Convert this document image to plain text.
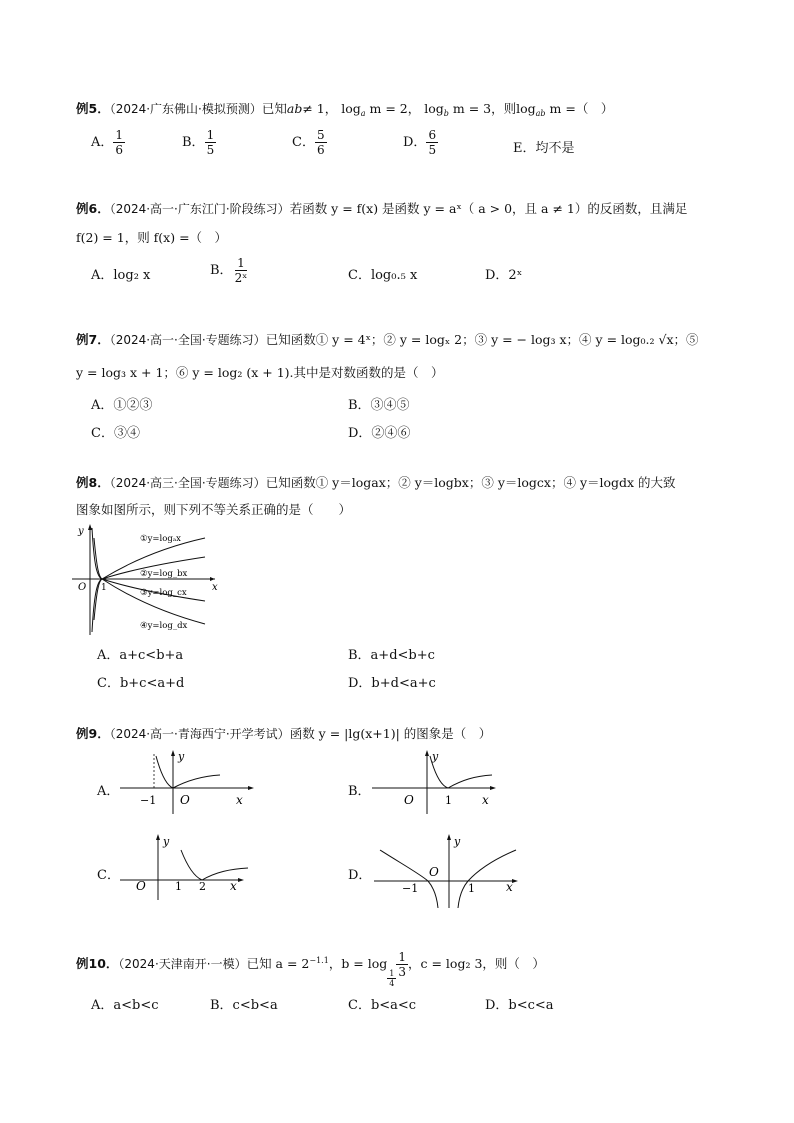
例5．（2024·广东佛山·模拟预测）已知ab≠ 1， $\log_a m = 2$， $\log_b m = 3$，则$\log_{ab} m$ =（　）
A． $\frac{1}{6}$	B． $\frac{1}{5}$	C． $\frac{5}{6}$	D． $\frac{6}{5}$	E．均不是
例6．（2024·高一·广东江门·阶段练习）若函数 y = f(x) 是函数 y = aˣ（ a > 0，且 a ≠ 1）的反函数，且满足
f(2) = 1，则 f(x) =（　）
A．log₂ x	B． $\frac{1}{\text{2ˣ}}$	C．log₀.₅ x	D．2ˣ
例7．（2024·高一·全国·专题练习）已知函数① y = 4ˣ；② y = logₓ 2；③ y = − log₃ x；④ y = log₀.₂ √x；⑤
y = log₃ x + 1；⑥ y = log₂ (x + 1).其中是对数函数的是（　）
A．①②③	B．③④⑤
C．③④	D．②④⑥
例8．（2024·高三·全国·专题练习）已知函数① y＝logax；② y＝logbx；③ y＝logcx；④ y＝logdx 的大致
图象如图所示，则下列不等关系正确的是（　　）
y
x
O 1
①y=logₐx
②y=log_bx
③y=log_cx
④y=log_dx
A．a+c<b+a	B．a+d<b+c
C．b+c<a+d	D．b+d<a+c
例9．（2024·高一·青海西宁·开学考试）函数 y = |lg(x+1)| 的图象是（　）
A．
y
x
O
−1
B．
y
x
O	1
C．
y
x
O	1 2
D．
y
x
O
−1	1
例10．（2024·天津南开·一模）已知 $a = 2^{-1.1}$，b = log
$\frac{1}{4} \frac{1}{3}$ ，c = log₂ 3，则（　）
A．a<b<c	B．c<b<a	C．b<a<c	D．b<c<a
